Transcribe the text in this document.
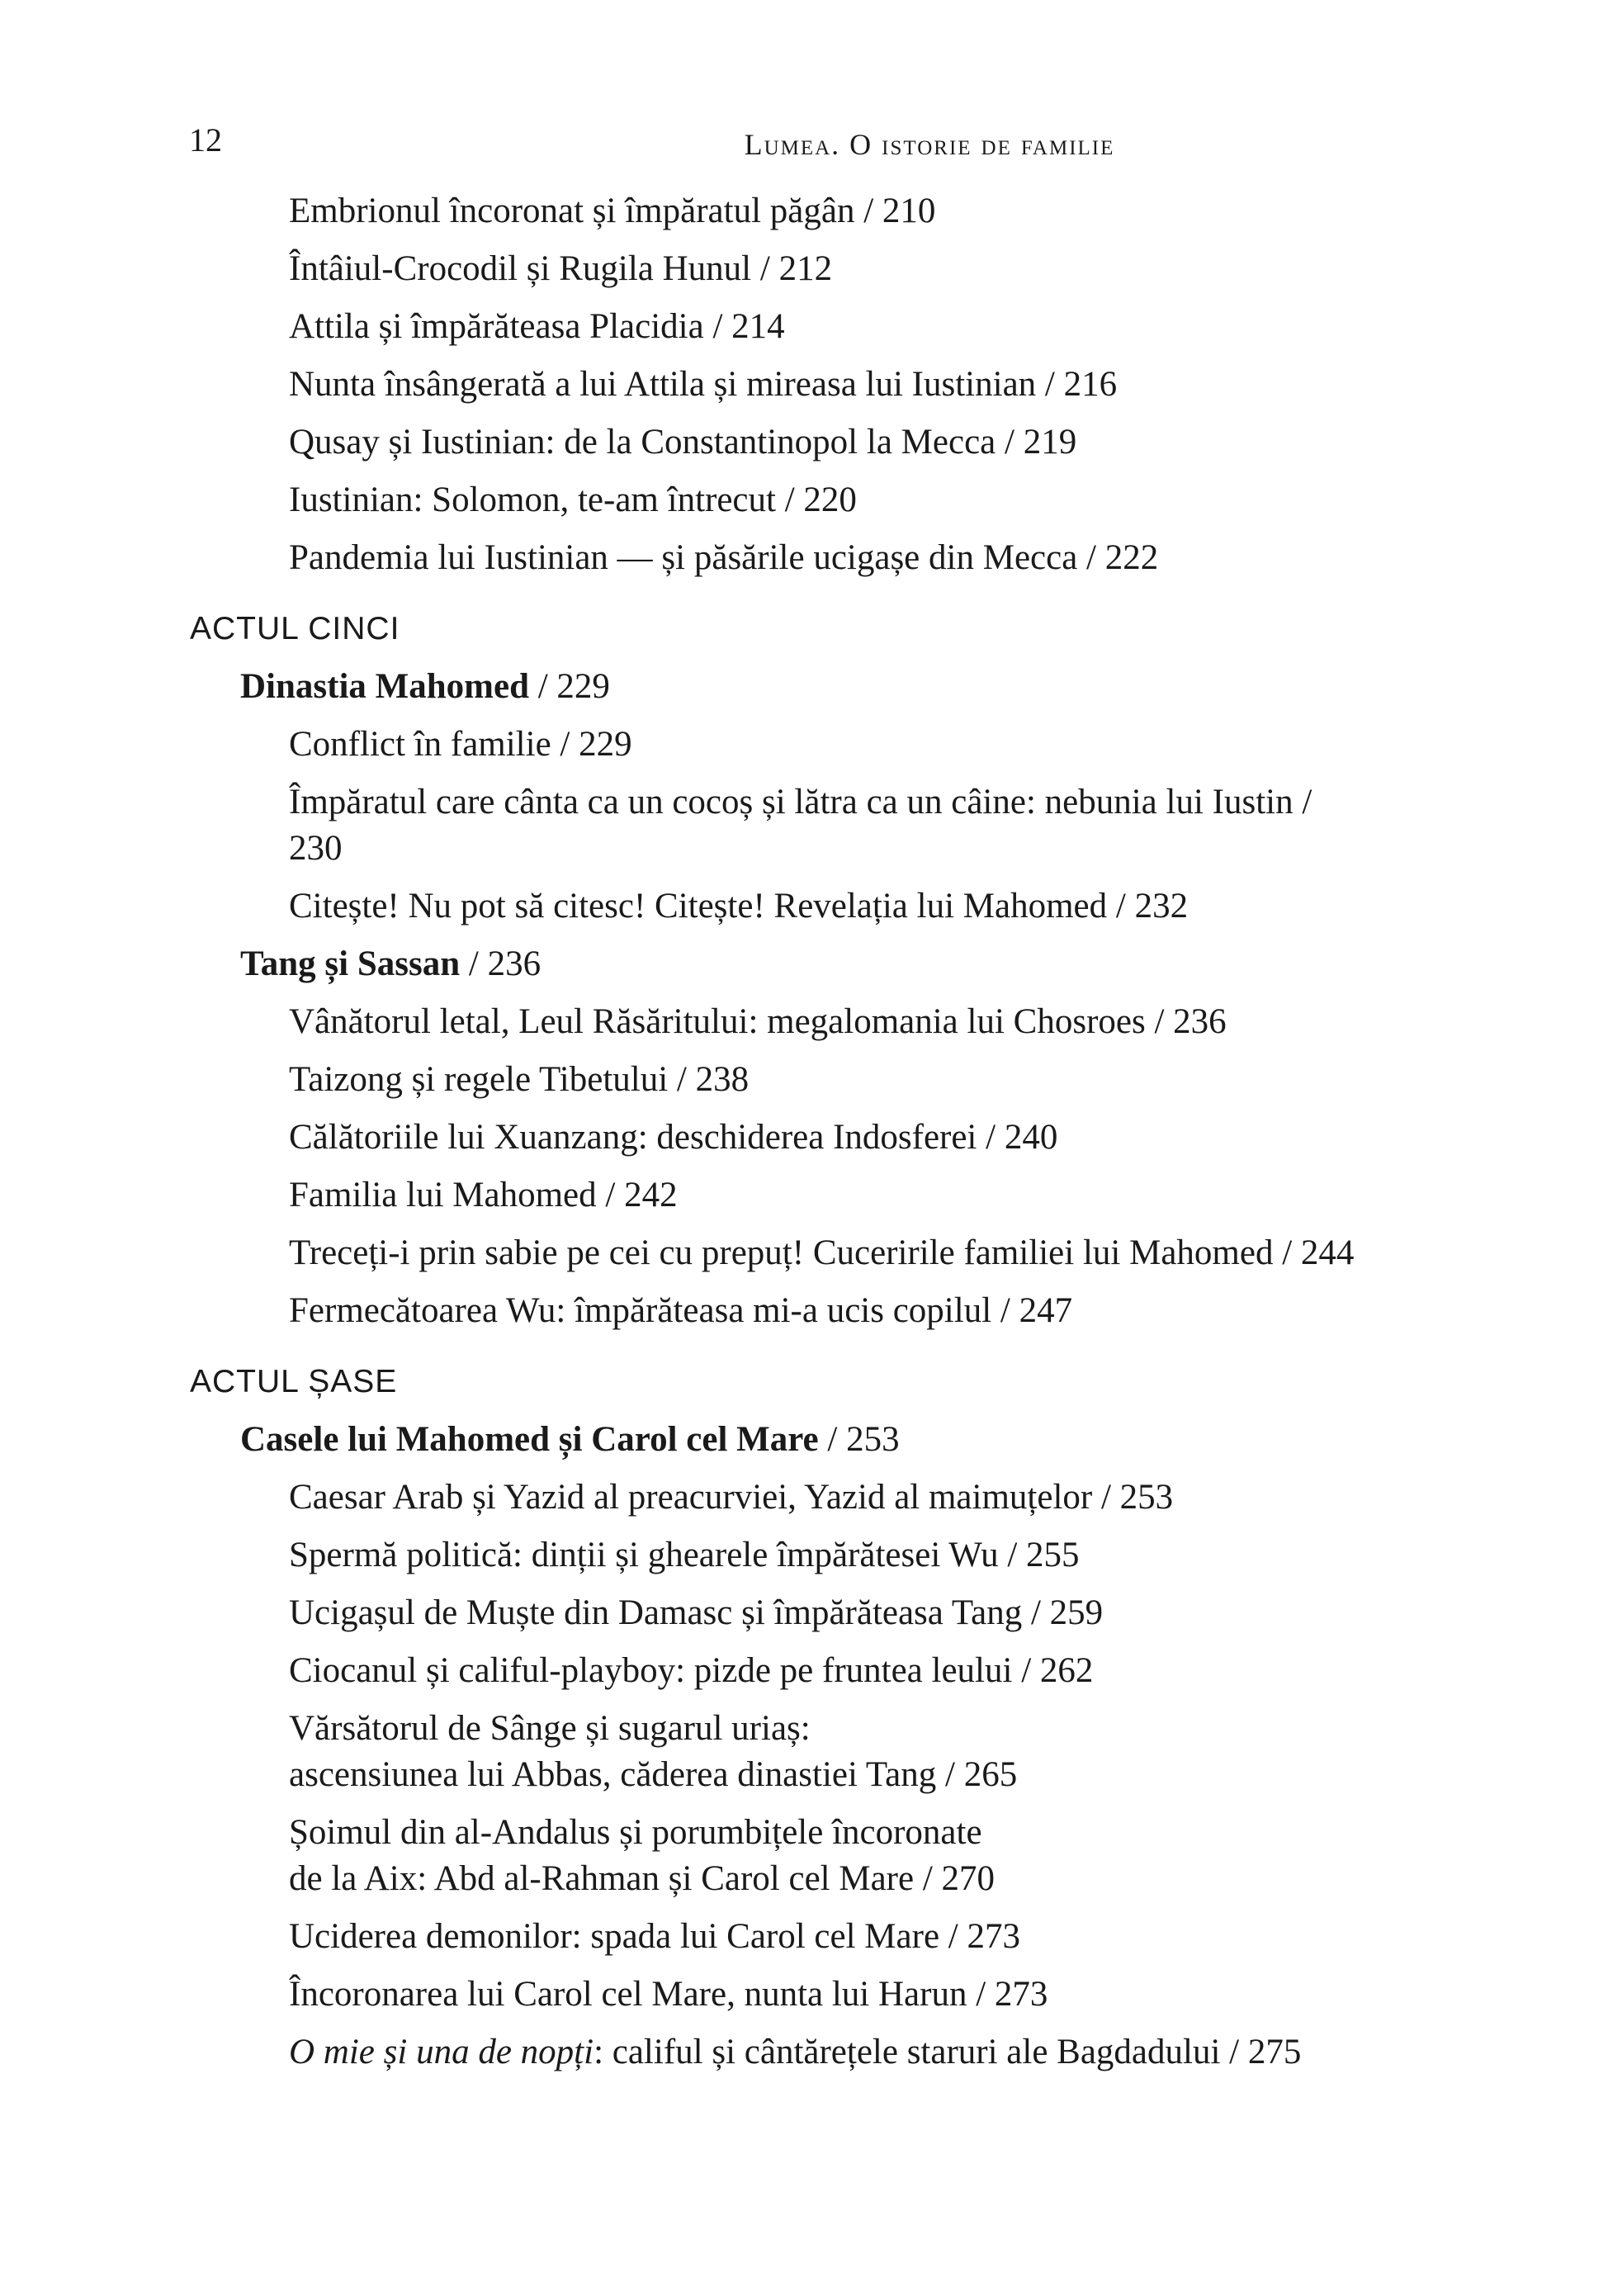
12	Lumea. O istorie de familie
Embrionul încoronat și împăratul păgân / 210
Întâiul-Crocodil și Rugila Hunul / 212
Attila și împărăteasa Placidia / 214
Nunta însângerată a lui Attila și mireasa lui Iustinian / 216
Qusay și Iustinian: de la Constantinopol la Mecca / 219
Iustinian: Solomon, te-am întrecut / 220
Pandemia lui Iustinian — și păsările ucigașe din Mecca / 222
ACTUL CINCI
Dinastia Mahomed / 229
Conflict în familie / 229
Împăratul care cânta ca un cocoș și lătra ca un câine: nebunia lui Iustin / 230
Citește! Nu pot să citesc! Citește! Revelația lui Mahomed / 232
Tang și Sassan / 236
Vânătorul letal, Leul Răsăritului: megalomania lui Chosroes / 236
Taizong și regele Tibetului / 238
Călătoriile lui Xuanzang: deschiderea Indosferei / 240
Familia lui Mahomed / 242
Treceți-i prin sabie pe cei cu prepuț! Cuceririle familiei lui Mahomed / 244
Fermecătoarea Wu: împărăteasa mi-a ucis copilul / 247
ACTUL ȘASE
Casele lui Mahomed și Carol cel Mare / 253
Caesar Arab și Yazid al preacurviei, Yazid al maimuțelor / 253
Spermă politică: dinții și ghearele împărătesei Wu / 255
Ucigașul de Muște din Damasc și împărăteasa Tang / 259
Ciocanul și califul-playboy: pizde pe fruntea leului / 262
Vărsătorul de Sânge și sugarul uriaș:
ascensiunea lui Abbas, căderea dinastiei Tang / 265
Șoimul din al-Andalus și porumbițele încoronate
de la Aix: Abd al-Rahman și Carol cel Mare / 270
Uciderea demonilor: spada lui Carol cel Mare / 273
Încoronarea lui Carol cel Mare, nunta lui Harun / 273
O mie și una de nopți: califul și cântărețele staruri ale Bagdadului / 275
